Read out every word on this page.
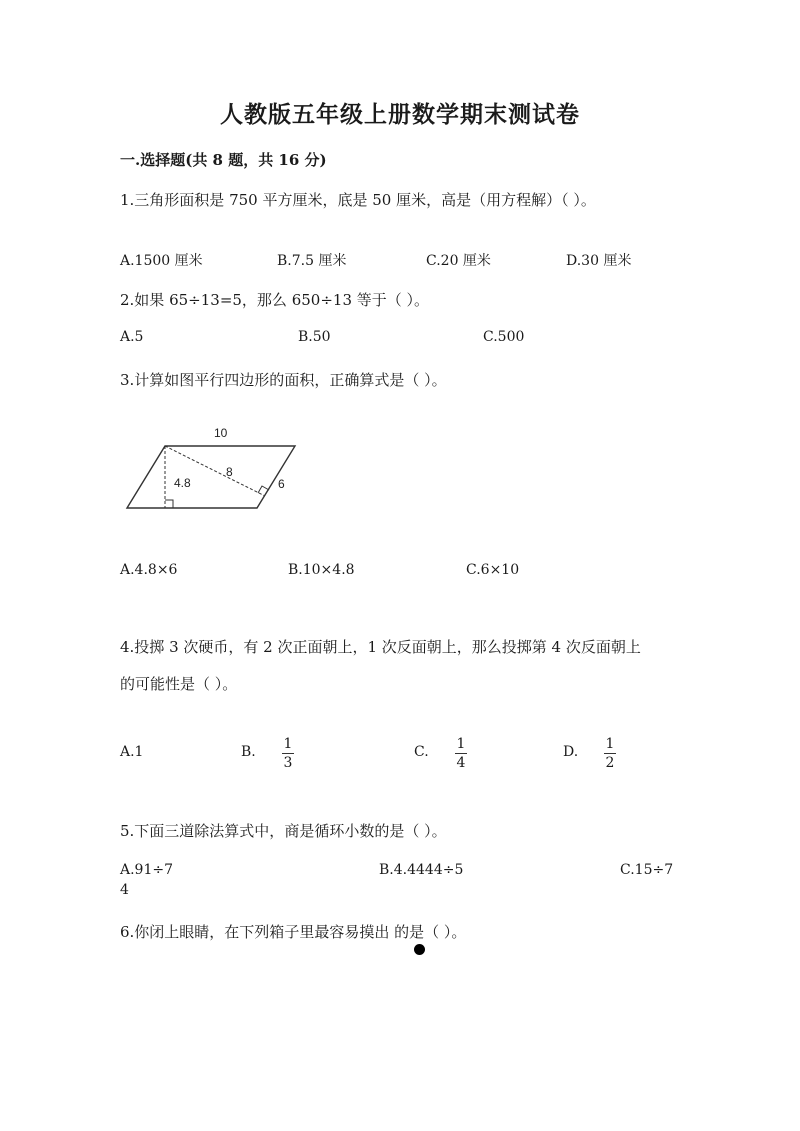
人教版五年级上册数学期末测试卷
一.选择题(共 8 题，共 16 分)
1.三角形面积是 750 平方厘米，底是 50 厘米，高是（用方程解）（ ）。
A.1500 厘米	B.7.5 厘米	C.20 厘米	D.30 厘米
2.如果 65÷13=5，那么 650÷13 等于（ ）。
A.5	B.50	C.500
3.计算如图平行四边形的面积，正确算式是（ ）。
10
4.8
8
6
A.4.8×6	B.10×4.8	C.6×10
4.投掷 3 次硬币，有 2 次正面朝上，1 次反面朝上，那么投掷第 4 次反面朝上
的可能性是（ ）。
A.1	B. 1
3
C. 1
4
D. 1
2
5.下面三道除法算式中，商是循环小数的是（ ）。
A.91÷7	B.4.4444÷5	C.15÷7
4
6.你闭上眼睛，在下列箱子里最容易摸出 的是（ ）。
